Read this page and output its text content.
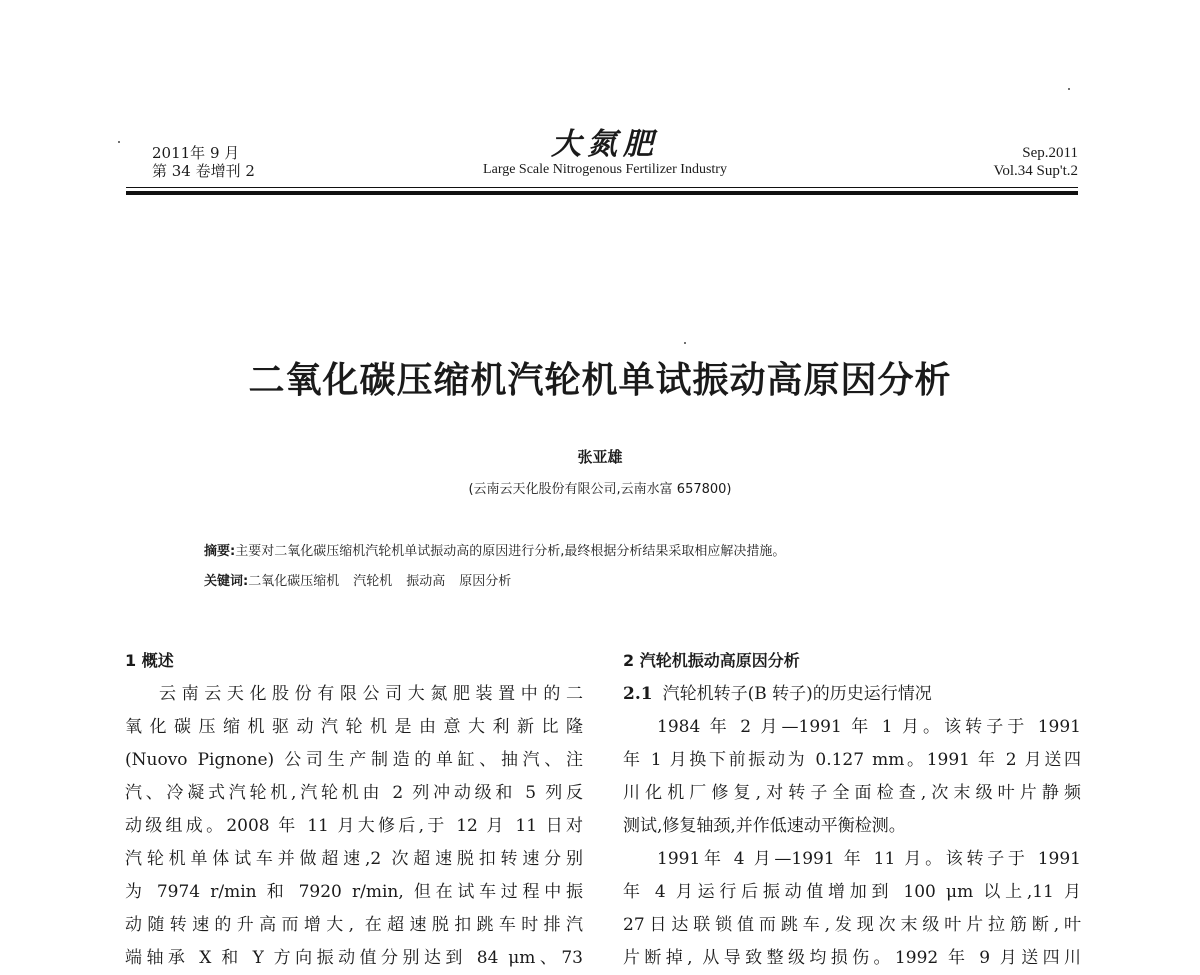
2011年 9 月
第 34 卷增刊 2
大氮肥
Large Scale Nitrogenous Fertilizer Industry
Sep.2011
Vol.34 Sup't.2
二氧化碳压缩机汽轮机单试振动高原因分析
张亚雄
(云南云天化股份有限公司,云南水富 657800)
摘要:主要对二氧化碳压缩机汽轮机单试振动高的原因进行分析,最终根据分析结果采取相应解决措施。
关键词:二氧化碳压缩机 汽轮机 振动高 原因分析
1 概述
云南云天化股份有限公司大氮肥装置中的二
氧化碳压缩机驱动汽轮机是由意大利新比隆
(Nuovo Pignone) 公司生产制造的单缸、抽汽、注
汽、冷凝式汽轮机,汽轮机由 2 列冲动级和 5 列反
动级组成。2008 年 11 月大修后,于 12 月 11 日对
汽轮机单体试车并做超速,2 次超速脱扣转速分别
为 7974 r/min 和 7920 r/min, 但在试车过程中振
动随转速的升高而增大, 在超速脱扣跳车时排汽
端轴承 X 和 Y 方向振动值分别达到 84 μm、73
2 汽轮机振动高原因分析
2.1 汽轮机转子(B 转子)的历史运行情况
1984 年 2 月—1991 年 1 月。该转子于 1991
年 1 月换下前振动为 0.127 mm。1991 年 2 月送四
川化机厂修复,对转子全面检查,次末级叶片静频
测试,修复轴颈,并作低速动平衡检测。
1991年 4 月—1991 年 11 月。该转子于 1991
年 4 月运行后振动值增加到 100 μm 以上,11 月
27日达联锁值而跳车,发现次末级叶片拉筋断,叶
片断掉, 从导致整级均损伤。1992 年 9 月送四川
